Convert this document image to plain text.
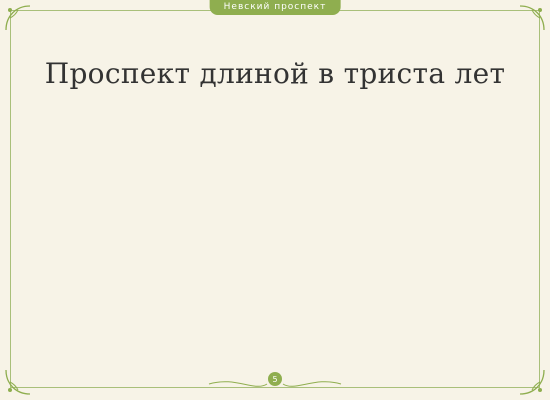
Невский проспект
Проспект длиной в триста лет

5
